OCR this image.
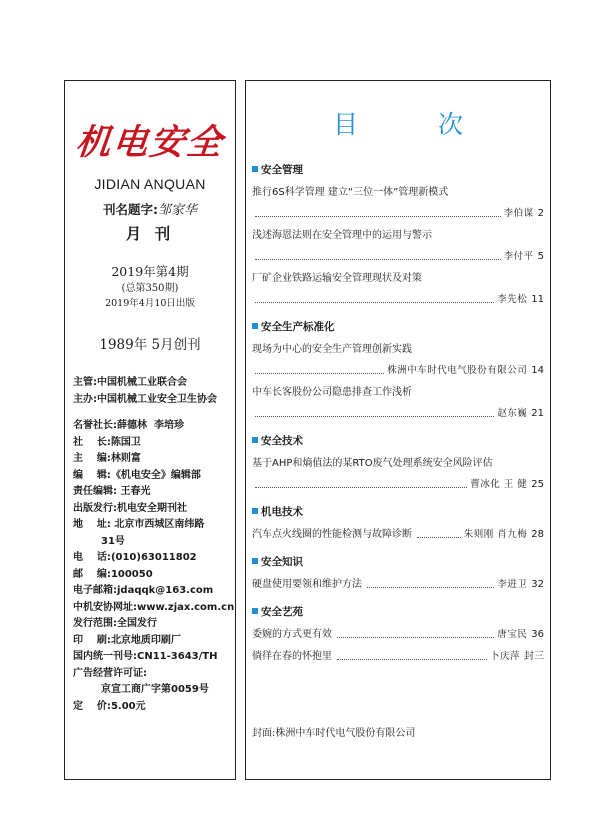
机电安全
JIDIAN ANQUAN
刊名题字:邹家华
月 刊
2019年第4期
(总第350期)
2019年4月10日出版
1989年 5月创刊
主管: 中国机械工业联合会
主办: 中国机械工业安全卫生协会
名誉社长: 薛德林  李培珍
社    长: 陈国卫
主    编: 林则富
编    辑: 《机电安全》编辑部
责任编辑: 王春光
出版发行: 机电安全期刊社
地    址: 北京市西城区南纬路
31号
电    话: (010)63011802
邮    编: 100050
电子邮箱: jdaqqk@163.com
中机安协网址: www.zjax.com.cn
发行范围: 全国发行
印    刷: 北京地质印刷厂
国内统一刊号: CN11-3643/TH
广告经营许可证:
京宣工商广字第0059号
定    价: 5.00元
目 次
安全管理
推行6S科学管理 建立“三位一体”管理新模式
李伯谋 2
浅述海恩法则在安全管理中的运用与警示
李付平 5
厂矿企业铁路运输安全管理现状及对策
李先松 11
安全生产标准化
现场为中心的安全生产管理创新实践
株洲中车时代电气股份有限公司 14
中车长客股份公司隐患排查工作浅析
赵东巍 21
安全技术
基于AHP和熵值法的某RTO废气处理系统安全风险评估
曹冰化 王 健 25
机电技术
汽车点火线圈的性能检测与故障诊断	朱则刚 肖九梅 28
安全知识
硬盘使用要领和维护方法	李进卫 32
安全艺苑
委婉的方式更有效	唐宝民 36
徜徉在春的怀抱里	卜庆萍 封三
封面:株洲中车时代电气股份有限公司
